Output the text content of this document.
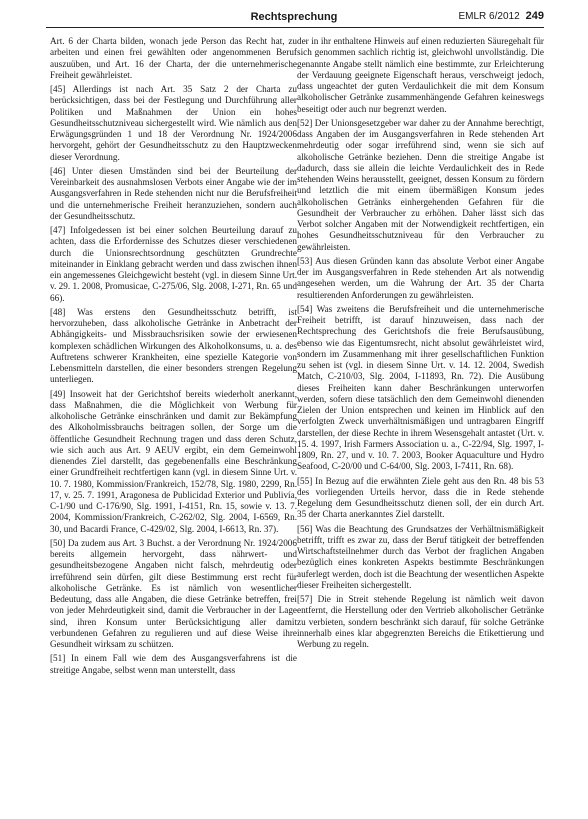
Rechtsprechung	EMLR 6/2012 249

Art. 6 der Charta bilden, wonach jede Person das Recht hat, zu arbeiten und einen frei gewählten oder angenommenen Beruf auszuüben, und Art. 16 der Charta, der die unternehmerische Freiheit gewährleistet.

[45] Allerdings ist nach Art. 35 Satz 2 der Charta zu berücksichtigen, dass bei der Festlegung und Durchführung aller Politiken und Maßnahmen der Union ein hohes Gesundheitsschutzniveau sichergestellt wird. Wie nämlich aus den Erwägungsgründen 1 und 18 der Verordnung Nr. 1924/2006 hervorgeht, gehört der Gesundheitsschutz zu den Hauptzwecken dieser Verordnung.

[46] Unter diesen Umständen sind bei der Beurteilung der Vereinbarkeit des ausnahmslosen Verbots einer Angabe wie der im Ausgangsverfahren in Rede stehenden nicht nur die Berufsfreiheit und die unternehmerische Freiheit heranzuziehen, sondern auch der Gesundheitsschutz.

[47] Infolgedessen ist bei einer solchen Beurteilung darauf zu achten, dass die Erfordernisse des Schutzes dieser verschiedenen durch die Unionsrechtsordnung geschützten Grundrechte miteinander in Einklang gebracht werden und dass zwischen ihnen ein angemessenes Gleichgewicht besteht (vgl. in diesem Sinne Urt. v. 29. 1. 2008, Promusicae, C-275/06, Slg. 2008, I-271, Rn. 65 und 66).

[48] Was erstens den Gesundheitsschutz betrifft, ist hervorzuheben, dass alkoholische Getränke in Anbetracht der Abhängigkeits- und Missbrauchsrisiken sowie der erwiesenen komplexen schädlichen Wirkungen des Alkoholkonsums, u. a. des Auftretens schwerer Krankheiten, eine spezielle Kategorie von Lebensmitteln darstellen, die einer besonders strengen Regelung unterliegen.

[49] Insoweit hat der Gerichtshof bereits wiederholt anerkannt, dass Maßnahmen, die die Möglichkeit von Werbung für alkoholische Getränke einschränken und damit zur Bekämpfung des Alkoholmissbrauchs beitragen sollen, der Sorge um die öffentliche Gesundheit Rechnung tragen und dass deren Schutz, wie sich auch aus Art. 9 AEUV ergibt, ein dem Gemeinwohl dienendes Ziel darstellt, das gegebenenfalls eine Beschränkung einer Grundfreiheit rechtfertigen kann (vgl. in diesem Sinne Urt. v. 10. 7. 1980, Kommission/Frankreich, 152/78, Slg. 1980, 2299, Rn. 17, v. 25. 7. 1991, Aragonesa de Publicidad Exterior und Publivía, C-1/90 und C-176/90, Slg. 1991, I-4151, Rn. 15, sowie v. 13. 7. 2004, Kommission/Frankreich, C-262/02, Slg. 2004, I-6569, Rn. 30, und Bacardi France, C-429/02, Slg. 2004, I-6613, Rn. 37).

[50] Da zudem aus Art. 3 Buchst. a der Verordnung Nr. 1924/2006 bereits allgemein hervorgeht, dass nährwert- und gesundheitsbezogene Angaben nicht falsch, mehrdeutig oder irreführend sein dürfen, gilt diese Bestimmung erst recht für alkoholische Getränke. Es ist nämlich von wesentlicher Bedeutung, dass alle Angaben, die diese Getränke betreffen, frei von jeder Mehrdeutigkeit sind, damit die Verbraucher in der Lage sind, ihren Konsum unter Berücksichtigung aller damit verbundenen Gefahren zu regulieren und auf diese Weise ihre Gesundheit wirksam zu schützen.

[51] In einem Fall wie dem des Ausgangsverfahrens ist die streitige Angabe, selbst wenn man unterstellt, dass

der in ihr enthaltene Hinweis auf einen reduzierten Säuregehalt für sich genommen sachlich richtig ist, gleichwohl unvollständig. Die genannte Angabe stellt nämlich eine bestimmte, zur Erleichterung der Verdauung geeignete Eigenschaft heraus, verschweigt jedoch, dass ungeachtet der guten Verdaulichkeit die mit dem Konsum alkoholischer Getränke zusammenhängende Gefahren keineswegs beseitigt oder auch nur begrenzt werden.

[52] Der Unionsgesetzgeber war daher zu der Annahme berechtigt, dass Angaben der im Ausgangsverfahren in Rede stehenden Art mehrdeutig oder sogar irreführend sind, wenn sie sich auf alkoholische Getränke beziehen. Denn die streitige Angabe ist dadurch, dass sie allein die leichte Verdaulichkeit des in Rede stehenden Weins herausstellt, geeignet, dessen Konsum zu fördern und letztlich die mit einem übermäßigen Konsum jedes alkoholischen Getränks einhergehenden Gefahren für die Gesundheit der Verbraucher zu erhöhen. Daher lässt sich das Verbot solcher Angaben mit der Notwendigkeit rechtfertigen, ein hohes Gesundheitsschutzniveau für den Verbraucher zu gewährleisten.

[53] Aus diesen Gründen kann das absolute Verbot einer Angabe der im Ausgangsverfahren in Rede stehenden Art als notwendig angesehen werden, um die Wahrung der Art. 35 der Charta resultierenden Anforderungen zu gewährleisten.

[54] Was zweitens die Berufsfreiheit und die unternehmerische Freiheit betrifft, ist darauf hinzuweisen, dass nach der Rechtsprechung des Gerichtshofs die freie Berufsausübung, ebenso wie das Eigentumsrecht, nicht absolut gewährleistet wird, sondern im Zusammenhang mit ihrer gesellschaftlichen Funktion zu sehen ist (vgl. in diesem Sinne Urt. v. 14. 12. 2004, Swedish Match, C-210/03, Slg. 2004, I-11893, Rn. 72). Die Ausübung dieses Freiheiten kann daher Beschränkungen unterworfen werden, sofern diese tatsächlich den dem Gemeinwohl dienenden Zielen der Union entsprechen und keinen im Hinblick auf den verfolgten Zweck unverhältnismäßigen und untragbaren Eingriff darstellen, der diese Rechte in ihrem Wesensgehalt antastet (Urt. v. 15. 4. 1997, Irish Farmers Association u. a., C-22/94, Slg. 1997, I-1809, Rn. 27, und v. 10. 7. 2003, Booker Aquaculture und Hydro Seafood, C-20/00 und C-64/00, Slg. 2003, I-7411, Rn. 68).

[55] In Bezug auf die erwähnten Ziele geht aus den Rn. 48 bis 53 des vorliegenden Urteils hervor, dass die in Rede stehende Regelung dem Gesundheitsschutz dienen soll, der ein durch Art. 35 der Charta anerkanntes Ziel darstellt.

[56] Was die Beachtung des Grundsatzes der Verhältnismäßigkeit betrifft, trifft es zwar zu, dass der Beruf tätigkeit der betreffenden Wirtschaftsteilnehmer durch das Verbot der fraglichen Angaben bezüglich eines konkreten Aspekts bestimmte Beschränkungen auferlegt werden, doch ist die Beachtung der wesentlichen Aspekte dieser Freiheiten sichergestellt.

[57] Die in Streit stehende Regelung ist nämlich weit davon entfernt, die Herstellung oder den Vertrieb alkoholischer Getränke zu verbieten, sondern beschränkt sich darauf, für solche Getränke innerhalb eines klar abgegrenzten Bereichs die Etikettierung und Werbung zu regeln.
